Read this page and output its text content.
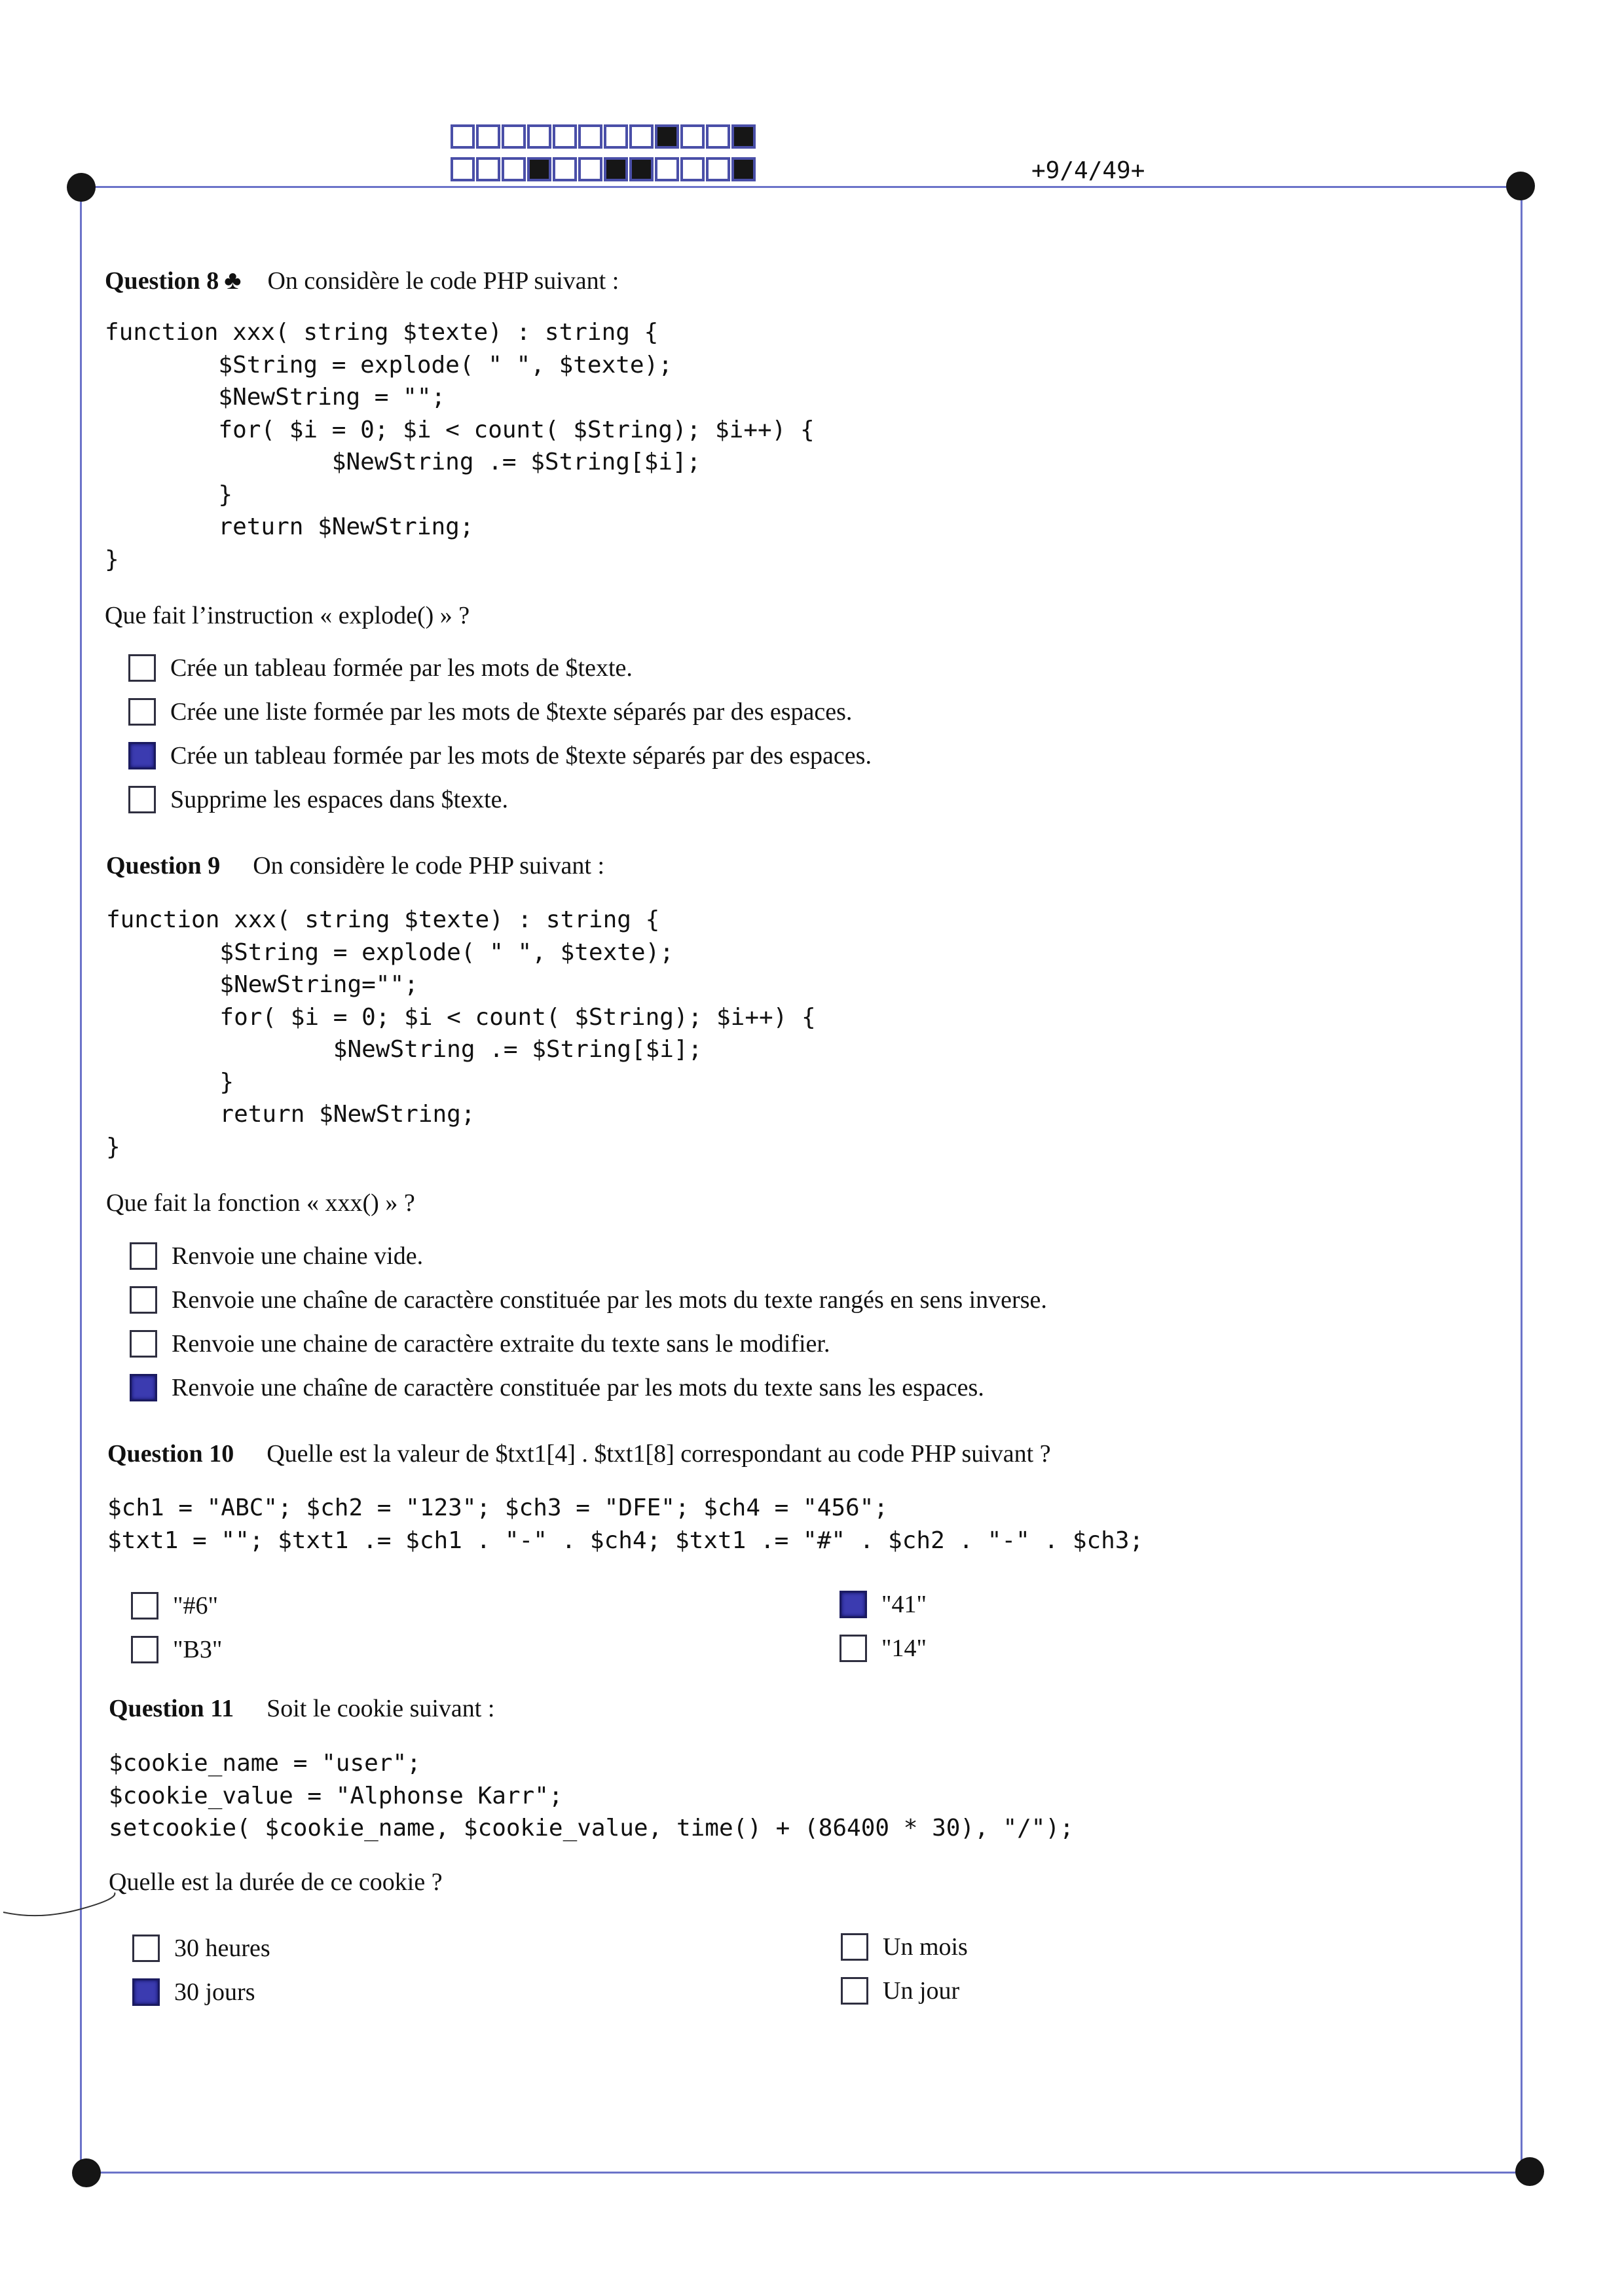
+9/4/49+
Question 8 ♣ On considère le code PHP suivant :
function xxx( string $texte) : string {
$String = explode( " ", $texte);
$NewString = "";
for( $i = 0; $i < count( $String); $i++) {
$NewString .= $String[$i];
}
return $NewString;
}
Que fait l’instruction « explode() » ?
Crée un tableau formée par les mots de $texte.
Crée une liste formée par les mots de $texte séparés par des espaces.
Crée un tableau formée par les mots de $texte séparés par des espaces.
Supprime les espaces dans $texte.
Question 9 On considère le code PHP suivant :
function xxx( string $texte) : string {
$String = explode( " ", $texte);
$NewString="";
for( $i = 0; $i < count( $String); $i++) {
$NewString .= $String[$i];
}
return $NewString;
}
Que fait la fonction « xxx() » ?
Renvoie une chaine vide.
Renvoie une chaîne de caractère constituée par les mots du texte rangés en sens inverse.
Renvoie une chaine de caractère extraite du texte sans le modifier.
Renvoie une chaîne de caractère constituée par les mots du texte sans les espaces.
Question 10 Quelle est la valeur de $txt1[4] . $txt1[8] correspondant au code PHP suivant ?
$ch1 = "ABC"; $ch2 = "123"; $ch3 = "DFE"; $ch4 = "456";
$txt1 = ""; $txt1 .= $ch1 . "-" . $ch4; $txt1 .= "#" . $ch2 . "-" . $ch3;
"#6"	"41"
"B3"	"14"
Question 11 Soit le cookie suivant :
$cookie_name = "user";
$cookie_value = "Alphonse Karr";
setcookie( $cookie_name, $cookie_value, time() + (86400 * 30), "/");
Quelle est la durée de ce cookie ?
30 heures	Un mois
30 jours	Un jour
